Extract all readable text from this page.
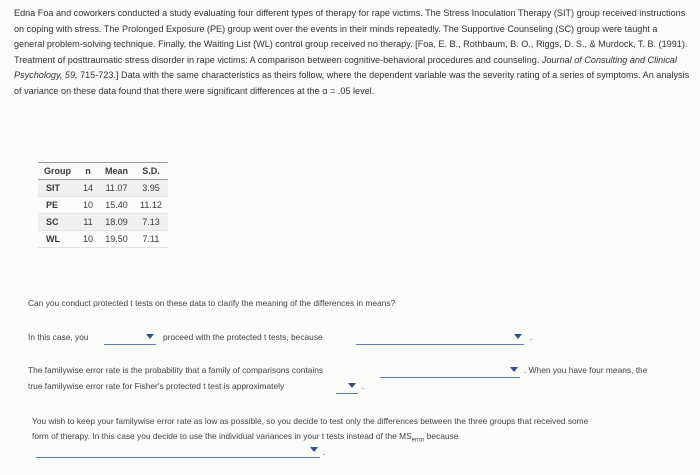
Edna Foa and coworkers conducted a study evaluating four different types of therapy for rape victims. The Stress Inoculation Therapy (SIT) group received instructions on coping with stress. The Prolonged Exposure (PE) group went over the events in their minds repeatedly. The Supportive Counseling (SC) group were taught a general problem-solving technique. Finally, the Waiting List (WL) control group received no therapy. [Foa, E. B., Rothbaum, B. O., Riggs, D. S., & Murdock, T. B. (1991). Treatment of posttraumatic stress disorder in rape victims: A comparison between cognitive-behavioral procedures and counseling. Journal of Consulting and Clinical Psychology, 59, 715-723.] Data with the same characteristics as theirs follow, where the dependent variable was the severity rating of a series of symptoms. An analysis of variance on these data found that there were significant differences at the α = .05 level.
Group	n	Mean	S.D.
SIT	14	11.07	3.95
PE	10	15.40	11.12
SC	11	18.09	7.13
WL	10	19.50	7.11
Can you conduct protected t tests on these data to clarify the meaning of the differences in means?
In this case, you	proceed with the protected t tests, because	.
The familywise error rate is the probability that a family of comparisons contains	. When you have four means, the
true familywise error rate for Fisher's protected t test is approximately	.
You wish to keep your familywise error rate as low as possible, so you decide to test only the differences between the three groups that received some
form of therapy. In this case you decide to use the individual variances in your t tests instead of the $MS_{error}$ because
.
